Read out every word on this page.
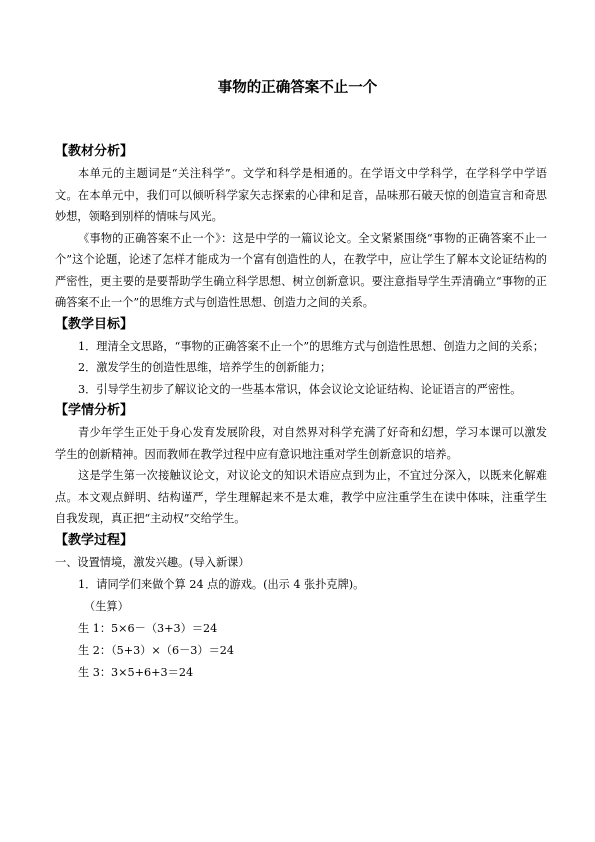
事物的正确答案不止一个
【教材分析】

本单元的主题词是“关注科学”。文学和科学是相通的。在学语文中学科学，在学科学中学语文。在本单元中，我们可以倾听科学家矢志探索的心律和足音，品味那石破天惊的创造宣言和奇思妙想，领略到别样的情味与风光。

《事物的正确答案不止一个》：这是中学的一篇议论文。全文紧紧围绕“事物的正确答案不止一个”这个论题，论述了怎样才能成为一个富有创造性的人，在教学中，应让学生了解本文论证结构的严密性，更主要的是要帮助学生确立科学思想、树立创新意识。要注意指导学生弄清确立“事物的正确答案不止一个”的思维方式与创造性思想、创造力之间的关系。

【教学目标】

1．理清全文思路，“事物的正确答案不止一个”的思维方式与创造性思想、创造力之间的关系；

2．激发学生的创造性思维，培养学生的创新能力；

3．引导学生初步了解议论文的一些基本常识，体会议论文论证结构、论证语言的严密性。

【学情分析】

青少年学生正处于身心发育发展阶段，对自然界对科学充满了好奇和幻想，学习本课可以激发学生的创新精神。因而教师在教学过程中应有意识地注重对学生创新意识的培养。

这是学生第一次接触议论文，对议论文的知识术语应点到为止，不宜过分深入，以既来化解难点。本文观点鲜明、结构谨严，学生理解起来不是太难，教学中应注重学生在读中体味，注重学生自我发现，真正把“主动权”交给学生。

【教学过程】

一、设置情境，激发兴趣。(导入新课）

1．请同学们来做个算 24 点的游戏。(出示 4 张扑克牌)。

（生算）

生 1：5×6－（3+3）＝24

生 2：（5+3）×（6－3）＝24

生 3：3×5+6+3＝24
